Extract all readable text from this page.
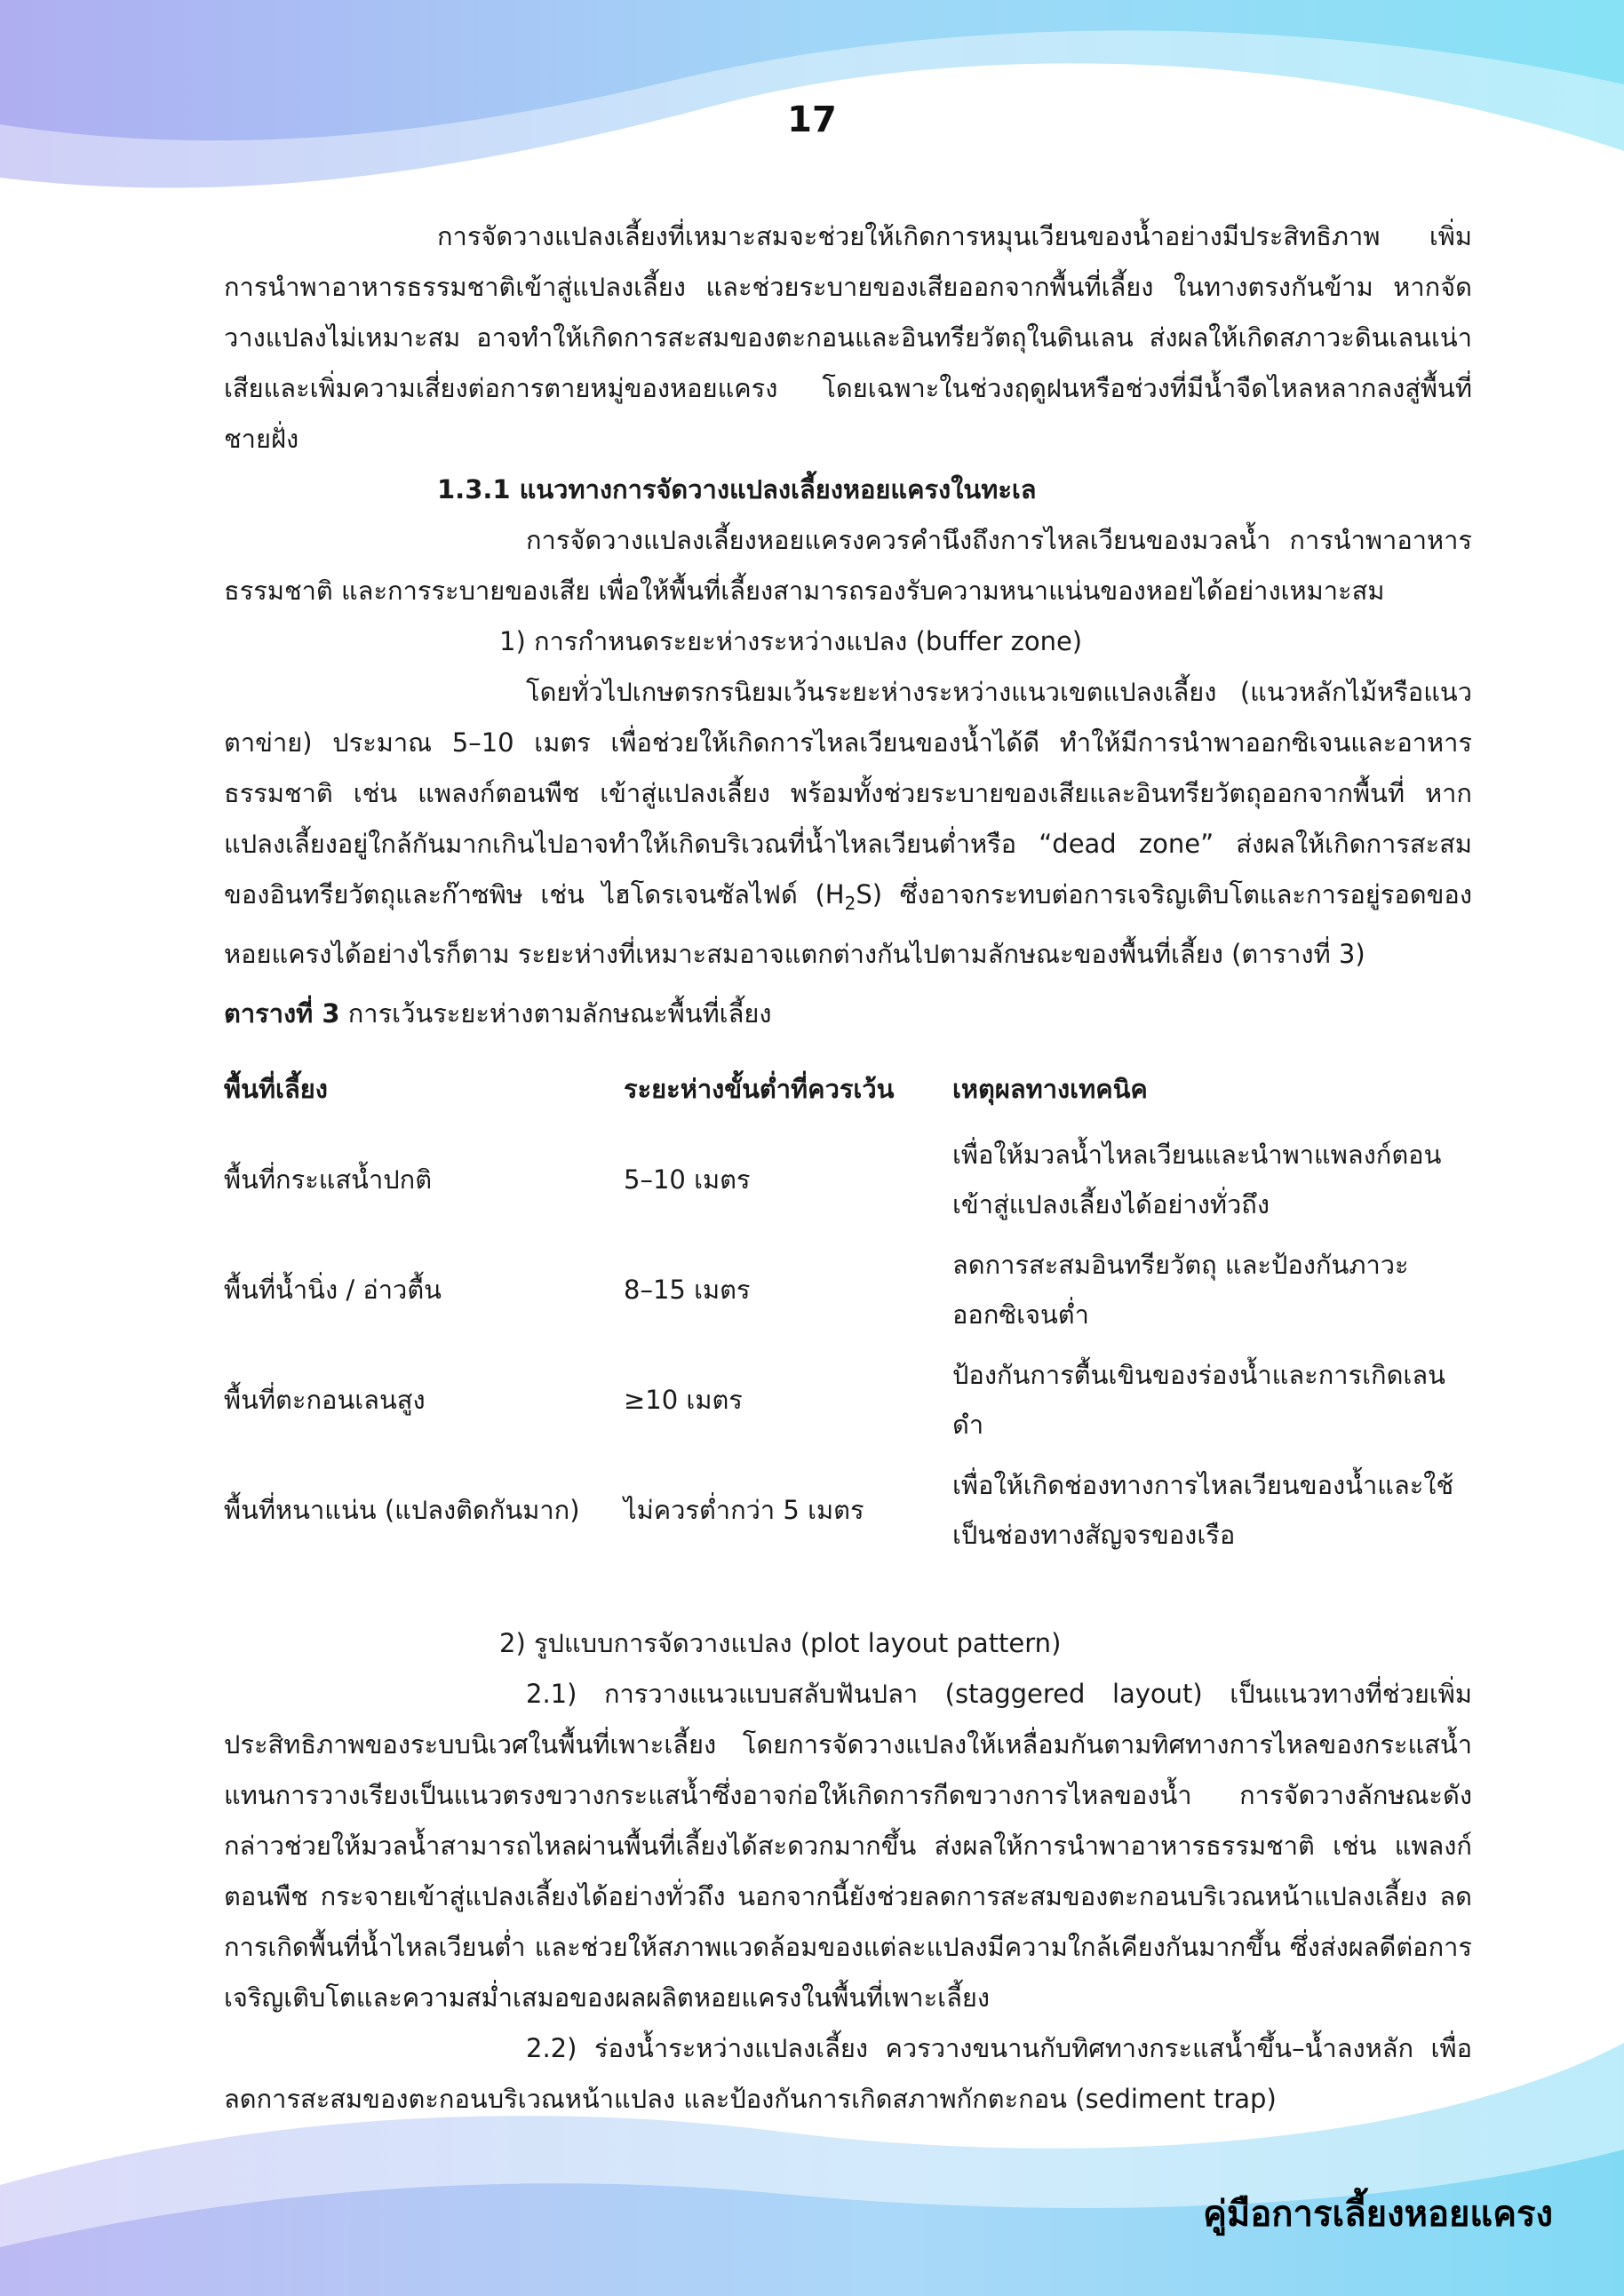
17

การจัดวางแปลงเลี้ยงที่เหมาะสมจะช่วยให้เกิดการหมุนเวียนของน้ำอย่างมีประสิทธิภาพ เพิ่มการนำพาอาหารธรรมชาติเข้าสู่แปลงเลี้ยง และช่วยระบายของเสียออกจากพื้นที่เลี้ยง ในทางตรงกันข้าม หากจัดวางแปลงไม่เหมาะสม อาจทำให้เกิดการสะสมของตะกอนและอินทรียวัตถุในดินเลน ส่งผลให้เกิดสภาวะดินเลนเน่าเสียและเพิ่มความเสี่ยงต่อการตายหมู่ของหอยแครง โดยเฉพาะในช่วงฤดูฝนหรือช่วงที่มีน้ำจืดไหลหลากลงสู่พื้นที่ชายฝั่ง

1.3.1 แนวทางการจัดวางแปลงเลี้ยงหอยแครงในทะเล

การจัดวางแปลงเลี้ยงหอยแครงควรคำนึงถึงการไหลเวียนของมวลน้ำ การนำพาอาหารธรรมชาติ และการระบายของเสีย เพื่อให้พื้นที่เลี้ยงสามารถรองรับความหนาแน่นของหอยได้อย่างเหมาะสม

1) การกำหนดระยะห่างระหว่างแปลง (buffer zone)

โดยทั่วไปเกษตรกรนิยมเว้นระยะห่างระหว่างแนวเขตแปลงเลี้ยง (แนวหลักไม้หรือแนวตาข่าย) ประมาณ 5–10 เมตร เพื่อช่วยให้เกิดการไหลเวียนของน้ำได้ดี ทำให้มีการนำพาออกซิเจนและอาหารธรรมชาติ เช่น แพลงก์ตอนพืช เข้าสู่แปลงเลี้ยง พร้อมทั้งช่วยระบายของเสียและอินทรียวัตถุออกจากพื้นที่ หากแปลงเลี้ยงอยู่ใกล้กันมากเกินไปอาจทำให้เกิดบริเวณที่น้ำไหลเวียนต่ำหรือ “dead zone” ส่งผลให้เกิดการสะสมของอินทรียวัตถุและก๊าซพิษ เช่น ไฮโดรเจนซัลไฟด์ $(H_2S)$ ซึ่งอาจกระทบต่อการเจริญเติบโตและการอยู่รอดของหอยแครงได้อย่างไรก็ตาม ระยะห่างที่เหมาะสมอาจแตกต่างกันไปตามลักษณะของพื้นที่เลี้ยง (ตารางที่ 3)

ตารางที่ 3 การเว้นระยะห่างตามลักษณะพื้นที่เลี้ยง

พื้นที่เลี้ยง	ระยะห่างขั้นต่ำที่ควรเว้น	เหตุผลทางเทคนิค
พื้นที่กระแสน้ำปกติ	5–10 เมตร	เพื่อให้มวลน้ำไหลเวียนและนำพาแพลงก์ตอนเข้าสู่แปลงเลี้ยงได้อย่างทั่วถึง
พื้นที่น้ำนิ่ง / อ่าวตื้น	8–15 เมตร	ลดการสะสมอินทรียวัตถุ และป้องกันภาวะออกซิเจนต่ำ
พื้นที่ตะกอนเลนสูง	≥10 เมตร	ป้องกันการตื้นเขินของร่องน้ำและการเกิดเลนดำ
พื้นที่หนาแน่น (แปลงติดกันมาก)	ไม่ควรต่ำกว่า 5 เมตร	เพื่อให้เกิดช่องทางการไหลเวียนของน้ำและใช้เป็นช่องทางสัญจรของเรือ

2) รูปแบบการจัดวางแปลง (plot layout pattern)

2.1) การวางแนวแบบสลับฟันปลา (staggered layout) เป็นแนวทางที่ช่วยเพิ่มประสิทธิภาพของระบบนิเวศในพื้นที่เพาะเลี้ยง โดยการจัดวางแปลงให้เหลื่อมกันตามทิศทางการไหลของกระแสน้ำแทนการวางเรียงเป็นแนวตรงขวางกระแสน้ำซึ่งอาจก่อให้เกิดการกีดขวางการไหลของน้ำ การจัดวางลักษณะดังกล่าวช่วยให้มวลน้ำสามารถไหลผ่านพื้นที่เลี้ยงได้สะดวกมากขึ้น ส่งผลให้การนำพาอาหารธรรมชาติ เช่น แพลงก์ตอนพืช กระจายเข้าสู่แปลงเลี้ยงได้อย่างทั่วถึง นอกจากนี้ยังช่วยลดการสะสมของตะกอนบริเวณหน้าแปลงเลี้ยง ลดการเกิดพื้นที่น้ำไหลเวียนต่ำ และช่วยให้สภาพแวดล้อมของแต่ละแปลงมีความใกล้เคียงกันมากขึ้น ซึ่งส่งผลดีต่อการเจริญเติบโตและความสม่ำเสมอของผลผลิตหอยแครงในพื้นที่เพาะเลี้ยง

2.2) ร่องน้ำระหว่างแปลงเลี้ยง ควรวางขนานกับทิศทางกระแสน้ำขึ้น–น้ำลงหลัก เพื่อลดการสะสมของตะกอนบริเวณหน้าแปลง และป้องกันการเกิดสภาพกักตะกอน (sediment trap)

คู่มือการเลี้ยงหอยแครง
